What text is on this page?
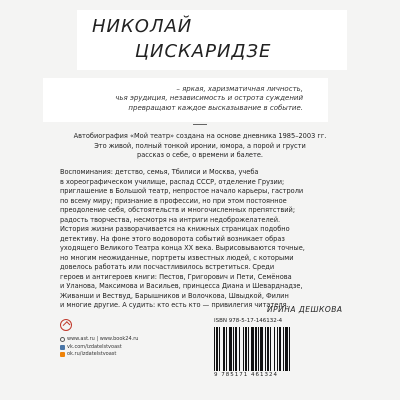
НИКОЛАЙ
ЦИСКАРИДЗЕ
– яркая, харизматичная личность,
чья эрудиция, независимость и острота суждений
превращают каждое высказывание в событие.
Автобиография «Мой театр» создана на основе дневника 1985–2003 гг.
Это живой, полный тонкой иронии, юмора, а порой и грусти
рассказ о себе, о времени и балете.
Воспоминания: детство, семья, Тбилиси и Москва, учеба
в хореографическом училище, распад СССР, отделение Грузии;
приглашение в Большой театр, непростое начало карьеры, гастроли
по всему миру; признание в профессии, но при этом постоянное
преодоление себя, обстоятельств и многочисленных препятствий;
радость творчества, несмотря на интриги недоброжелателей.
История жизни разворачивается на книжных страницах подобно
детективу. На фоне этого водоворота событий возникает образ
уходящего Великого Театра конца XX века. Вырисовываются точные,
но многим неожиданные, портреты известных людей, с которыми
довелось работать или посчастливилось встретиться. Среди
героев и антигероев книги: Пестов, Григорович и Пети, Семёнова
и Уланова, Максимова и Васильев, принцесса Диана и Шеварднадзе,
Живанши и Вествуд, Барышников и Волочкова, Швыдкой, Филин
и многие другие. А судить: кто есть кто — привилегия читателя.
ИРИНА ДЕШКОВА
www.ast.ru | www.book24.ru
vk.com/izdatelstvoast
ok.ru/izdatelstvoast
ISBN 978-5-17-146132-4
9 785171 461324
